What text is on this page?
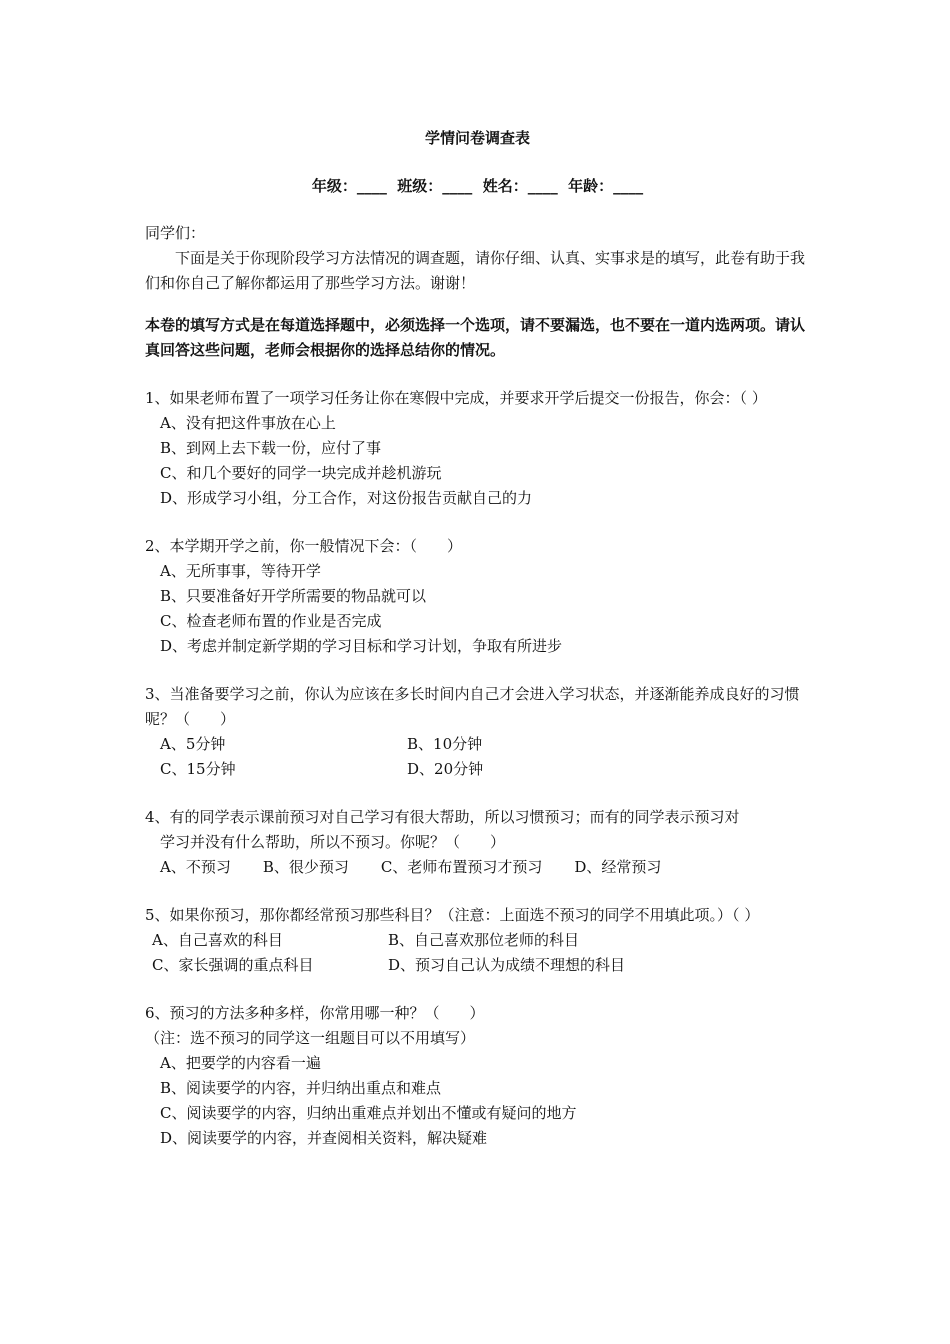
学情问卷调查表
年级：____  班级：____  姓名：____  年龄：____

同学们：

下面是关于你现阶段学习方法情况的调查题，请你仔细、认真、实事求是的填写，此卷有助于我们和你自己了解你都运用了那些学习方法。谢谢！

本卷的填写方式是在每道选择题中，必须选择一个选项，请不要漏选，也不要在一道内选两项。请认真回答这些问题，老师会根据你的选择总结你的情况。

1、如果老师布置了一项学习任务让你在寒假中完成，并要求开学后提交一份报告，你会：（ ）

A、没有把这件事放在心上

B、到网上去下载一份，应付了事

C、和几个要好的同学一块完成并趁机游玩

D、形成学习小组，分工合作，对这份报告贡献自己的力

2、本学期开学之前，你一般情况下会：（　　）

A、无所事事，等待开学

B、只要准备好开学所需要的物品就可以

C、检查老师布置的作业是否完成

D、考虑并制定新学期的学习目标和学习计划，争取有所进步

3、当准备要学习之前，你认为应该在多长时间内自己才会进入学习状态，并逐渐能养成良好的习惯呢？（　　）

A、5分钟	B、10分钟

C、15分钟	D、20分钟

4、有的同学表示课前预习对自己学习有很大帮助，所以习惯预习；而有的同学表示预习对

学习并没有什么帮助，所以不预习。你呢？（　　）

A、不预习 B、很少预习 C、老师布置预习才预习 D、经常预习

5、如果你预习，那你都经常预习那些科目？（注意：上面选不预习的同学不用填此项。）（ ）

A、自己喜欢的科目	B、自己喜欢那位老师的科目

C、家长强调的重点科目	D、预习自己认为成绩不理想的科目

6、预习的方法多种多样，你常用哪一种？（　　）

（注：选不预习的同学这一组题目可以不用填写）

A、把要学的内容看一遍

B、阅读要学的内容，并归纳出重点和难点

C、阅读要学的内容，归纳出重难点并划出不懂或有疑问的地方

D、阅读要学的内容，并查阅相关资料，解决疑难
